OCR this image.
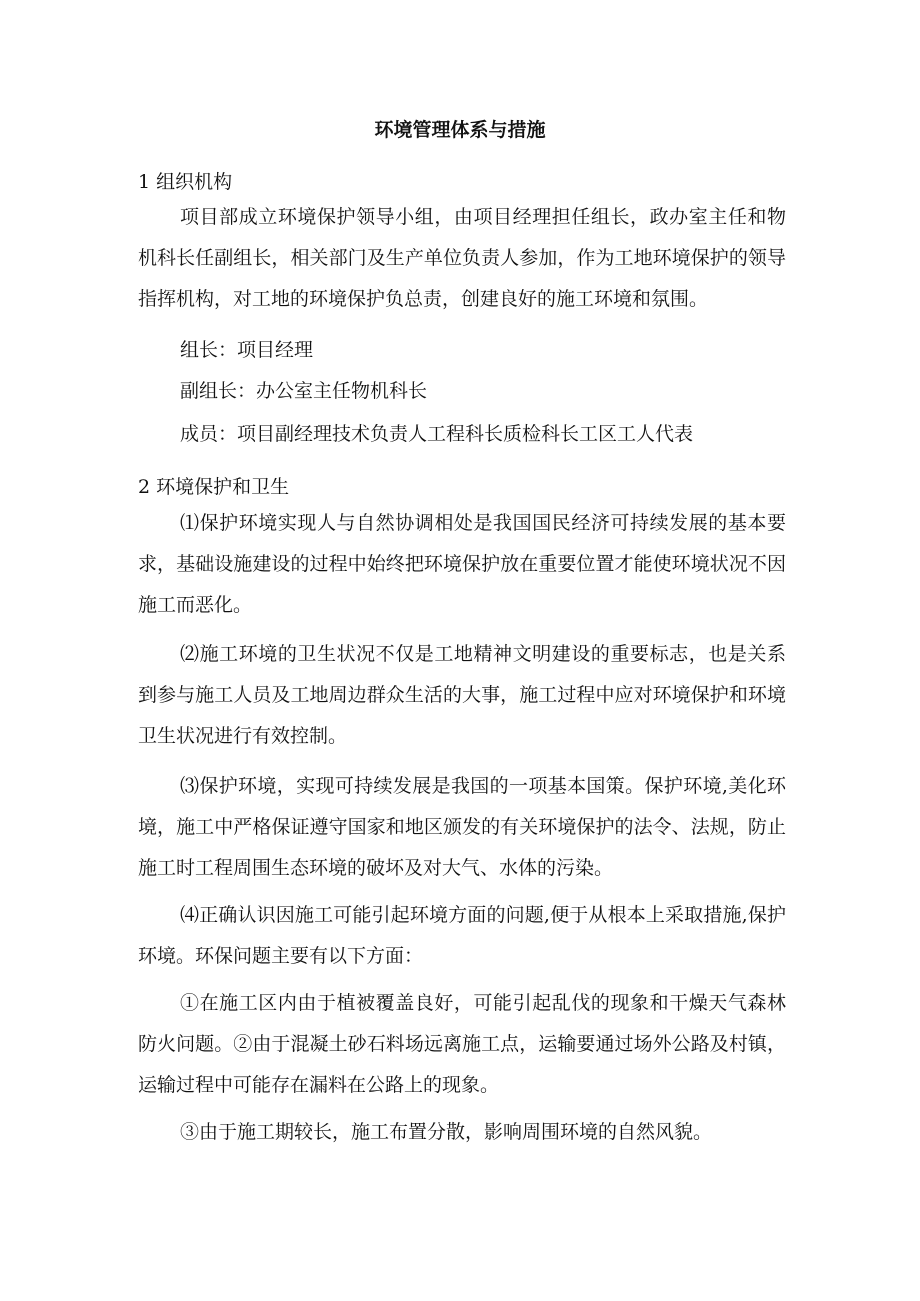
环境管理体系与措施
1 组织机构
项目部成立环境保护领导小组，由项目经理担任组长，政办室主任和物机科长任副组长，相关部门及生产单位负责人参加，作为工地环境保护的领导指挥机构，对工地的环境保护负总责，创建良好的施工环境和氛围。
组长：项目经理
副组长：办公室主任物机科长
成员：项目副经理技术负责人工程科长质检科长工区工人代表
2 环境保护和卫生
⑴保护环境实现人与自然协调相处是我国国民经济可持续发展的基本要求，基础设施建设的过程中始终把环境保护放在重要位置才能使环境状况不因施工而恶化。
⑵施工环境的卫生状况不仅是工地精神文明建设的重要标志，也是关系到参与施工人员及工地周边群众生活的大事，施工过程中应对环境保护和环境卫生状况进行有效控制。
⑶保护环境，实现可持续发展是我国的一项基本国策。保护环境,美化环境，施工中严格保证遵守国家和地区颁发的有关环境保护的法令、法规，防止施工时工程周围生态环境的破坏及对大气、水体的污染。
⑷正确认识因施工可能引起环境方面的问题,便于从根本上采取措施,保护环境。环保问题主要有以下方面：
①在施工区内由于植被覆盖良好，可能引起乱伐的现象和干燥天气森林防火问题。②由于混凝土砂石料场远离施工点，运输要通过场外公路及村镇，运输过程中可能存在漏料在公路上的现象。
③由于施工期较长，施工布置分散，影响周围环境的自然风貌。
